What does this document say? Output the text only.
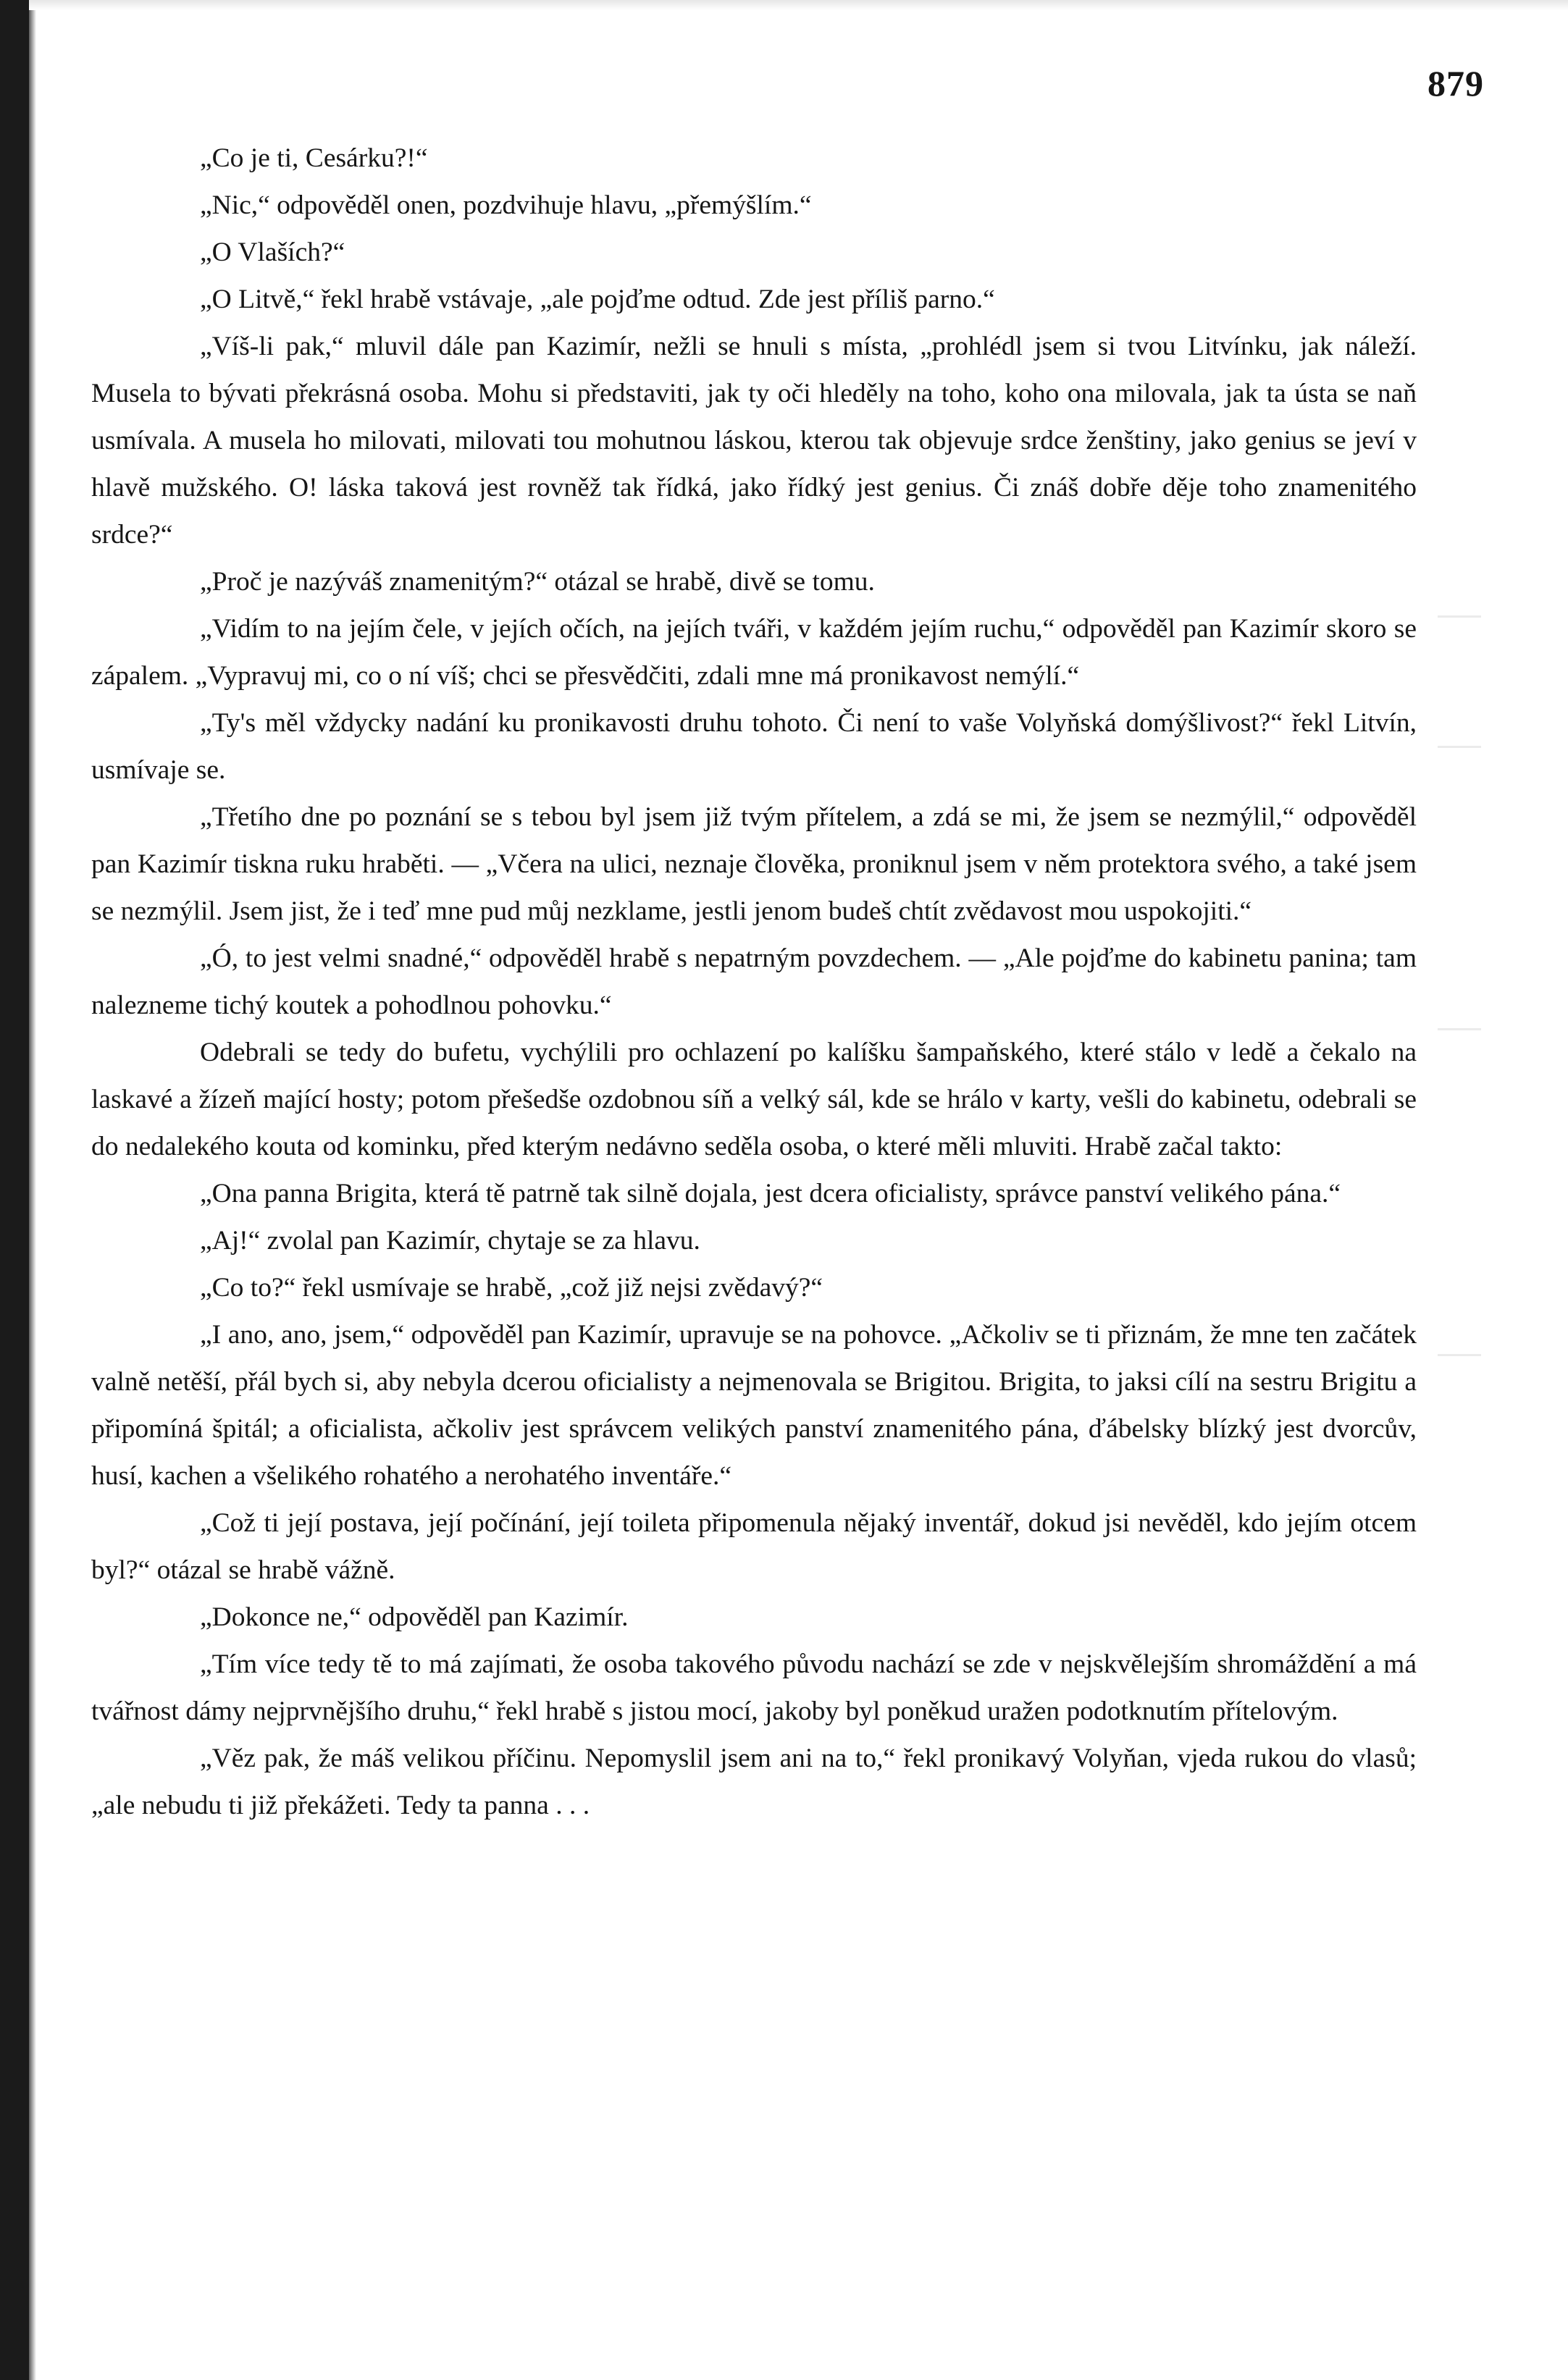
879

„Co je ti, Cesárku?!“

„Nic,“ odpověděl onen, pozdvihuje hlavu, „přemýšlím.“

„O Vlaších?“

„O Litvě,“ řekl hrabě vstávaje, „ale pojďme odtud. Zde jest příliš parno.“

„Víš-li pak,“ mluvil dále pan Kazimír, nežli se hnuli s místa, „prohlédl jsem si tvou Litvínku, jak náleží. Musela to bývati překrásná osoba. Mohu si představiti, jak ty oči hleděly na toho, koho ona milovala, jak ta ústa se naň usmívala. A musela ho milovati, milovati tou mohutnou láskou, kterou tak objevuje srdce ženštiny, jako genius se jeví v hlavě mužského. O! láska taková jest rovněž tak řídká, jako řídký jest genius. Či znáš dobře děje toho znamenitého srdce?“

„Proč je nazýváš znamenitým?“ otázal se hrabě, divě se tomu.

„Vidím to na jejím čele, v jejích očích, na jejích tváři, v každém jejím ruchu,“ odpověděl pan Kazimír skoro se zápalem. „Vypravuj mi, co o ní víš; chci se přesvědčiti, zdali mne má pronikavost nemýlí.“

„Ty's měl vždycky nadání ku pronikavosti druhu tohoto. Či není to vaše Volyňská domýšlivost?“ řekl Litvín, usmívaje se.

„Třetího dne po poznání se s tebou byl jsem již tvým přítelem, a zdá se mi, že jsem se nezmýlil,“ odpověděl pan Kazimír tiskna ruku hraběti. — „Včera na ulici, neznaje člověka, proniknul jsem v něm protektora svého, a také jsem se nezmýlil. Jsem jist, že i teď mne pud můj nezklame, jestli jenom budeš chtít zvědavost mou uspokojiti.“

„Ó, to jest velmi snadné,“ odpověděl hrabě s nepatrným povzdechem. — „Ale pojďme do kabinetu panina; tam nalezneme tichý koutek a pohodlnou pohovku.“

Odebrali se tedy do bufetu, vychýlili pro ochlazení po kalíšku šampaňského, které stálo v ledě a čekalo na laskavé a žízeň mající hosty; potom přešedše ozdobnou síň a velký sál, kde se hrálo v karty, vešli do kabinetu, odebrali se do nedalekého kouta od kominku, před kterým nedávno seděla osoba, o které měli mluviti. Hrabě začal takto:

„Ona panna Brigita, která tě patrně tak silně dojala, jest dcera oficialisty, správce panství velikého pána.“

„Aj!“ zvolal pan Kazimír, chytaje se za hlavu.

„Co to?“ řekl usmívaje se hrabě, „což již nejsi zvědavý?“

„I ano, ano, jsem,“ odpověděl pan Kazimír, upravuje se na pohovce. „Ačkoliv se ti přiznám, že mne ten začátek valně netěší, přál bych si, aby nebyla dcerou oficialisty a nejmenovala se Brigitou. Brigita, to jaksi cílí na sestru Brigitu a připomíná špitál; a oficialista, ačkoliv jest správcem velikých panství znamenitého pána, ďábelsky blízký jest dvorcův, husí, kachen a všelikého rohatého a nerohatého inventáře.“

„Což ti její postava, její počínání, její toileta připomenula nějaký inventář, dokud jsi nevěděl, kdo jejím otcem byl?“ otázal se hrabě vážně.

„Dokonce ne,“ odpověděl pan Kazimír.

„Tím více tedy tě to má zajímati, že osoba takového původu nachází se zde v nejskvělejším shromáždění a má tvářnost dámy nejprvnějšího druhu,“ řekl hrabě s jistou mocí, jakoby byl poněkud uražen podotknutím přítelovým.

„Věz pak, že máš velikou příčinu. Nepomyslil jsem ani na to,“ řekl pronikavý Volyňan, vjeda rukou do vlasů; „ale nebudu ti již překážeti. Tedy ta panna . . .
